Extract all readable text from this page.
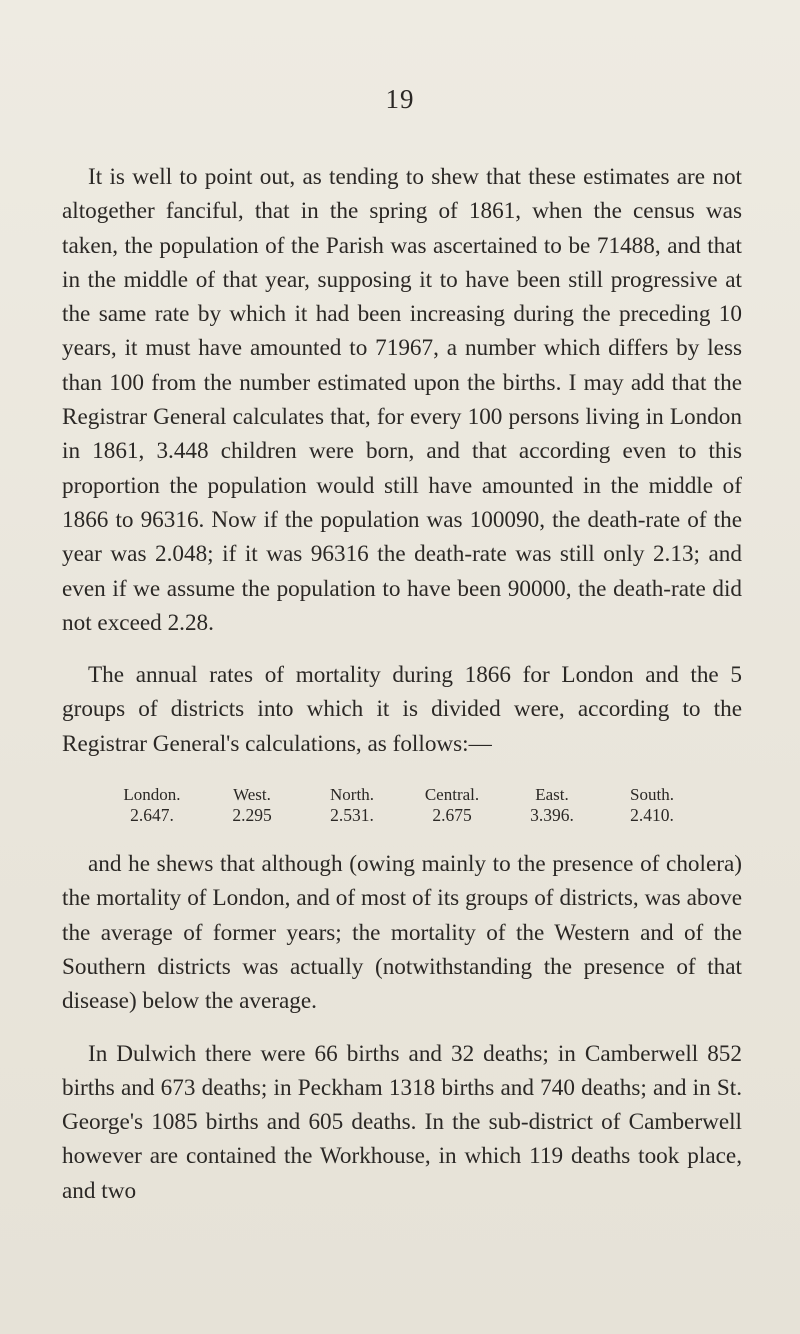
19

It is well to point out, as tending to shew that these estimates are not altogether fanciful, that in the spring of 1861, when the census was taken, the population of the Parish was ascertained to be 71488, and that in the middle of that year, supposing it to have been still progressive at the same rate by which it had been increasing during the preceding 10 years, it must have amounted to 71967, a number which differs by less than 100 from the number estimated upon the births. I may add that the Registrar General calculates that, for every 100 persons living in London in 1861, 3.448 children were born, and that according even to this proportion the population would still have amounted in the middle of 1866 to 96316. Now if the population was 100090, the death-rate of the year was 2.048; if it was 96316 the death-rate was still only 2.13; and even if we assume the population to have been 90000, the death-rate did not exceed 2.28.

The annual rates of mortality during 1866 for London and the 5 groups of districts into which it is divided were, according to the Registrar General's calculations, as follows:—

London.	West.	North.	Central.	East.	South.
2.647.	2.295	2.531.	2.675	3.396.	2.410.

and he shews that although (owing mainly to the presence of cholera) the mortality of London, and of most of its groups of districts, was above the average of former years; the mortality of the Western and of the Southern districts was actually (notwithstanding the presence of that disease) below the average.

In Dulwich there were 66 births and 32 deaths; in Camberwell 852 births and 673 deaths; in Peckham 1318 births and 740 deaths; and in St. George's 1085 births and 605 deaths. In the sub-district of Camberwell however are contained the Workhouse, in which 119 deaths took place, and two
